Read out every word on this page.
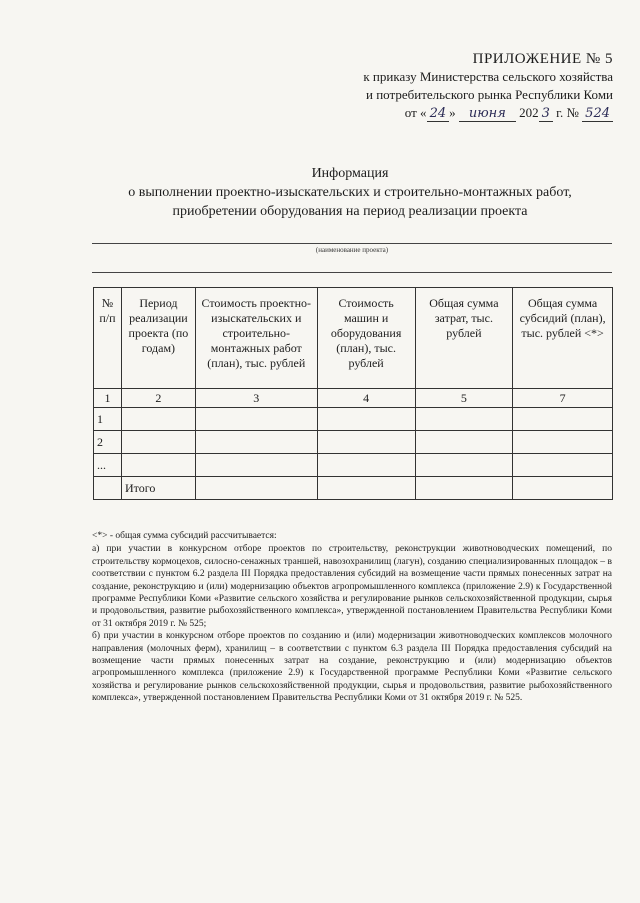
ПРИЛОЖЕНИЕ № 5
к приказу Министерства сельского хозяйства
и потребительского рынка Республики Коми
от « 24 » июня 202 3 г. № 524
Информация
о выполнении проектно-изыскательских и строительно-монтажных работ,
приобретении оборудования на период реализации проекта
(наименование проекта)
№ п/п	Период реализации проекта (по годам)	Стоимость проектно-изыскательских и строительно-монтажных работ (план), тыс. рублей	Стоимость машин и оборудования (план), тыс. рублей	Общая сумма затрат, тыс. рублей	Общая сумма субсидий (план), тыс. рублей <*>
1	2	3	4	5	7
1					
2					
...					
	Итого				

<*> - общая сумма субсидий рассчитывается:

а) при участии в конкурсном отборе проектов по строительству, реконструкции животноводческих помещений, по строительству кормоцехов, силосно-сенажных траншей, навозохранилищ (лагун), созданию специализированных площадок – в соответствии с пунктом 6.2 раздела III Порядка предоставления субсидий на возмещение части прямых понесенных затрат на создание, реконструкцию и (или) модернизацию объектов агропромышленного комплекса (приложение 2.9) к Государственной программе Республики Коми «Развитие сельского хозяйства и регулирование рынков сельскохозяйственной продукции, сырья и продовольствия, развитие рыбохозяйственного комплекса», утвержденной постановлением Правительства Республики Коми от 31 октября 2019 г. № 525;

б) при участии в конкурсном отборе проектов по созданию и (или) модернизации животноводческих комплексов молочного направления (молочных ферм), хранилищ – в соответствии с пунктом 6.3 раздела III Порядка предоставления субсидий на возмещение части прямых понесенных затрат на создание, реконструкцию и (или) модернизацию объектов агропромышленного комплекса (приложение 2.9) к Государственной программе Республики Коми «Развитие сельского хозяйства и регулирование рынков сельскохозяйственной продукции, сырья и продовольствия, развитие рыбохозяйственного комплекса», утвержденной постановлением Правительства Республики Коми от 31 октября 2019 г. № 525.
